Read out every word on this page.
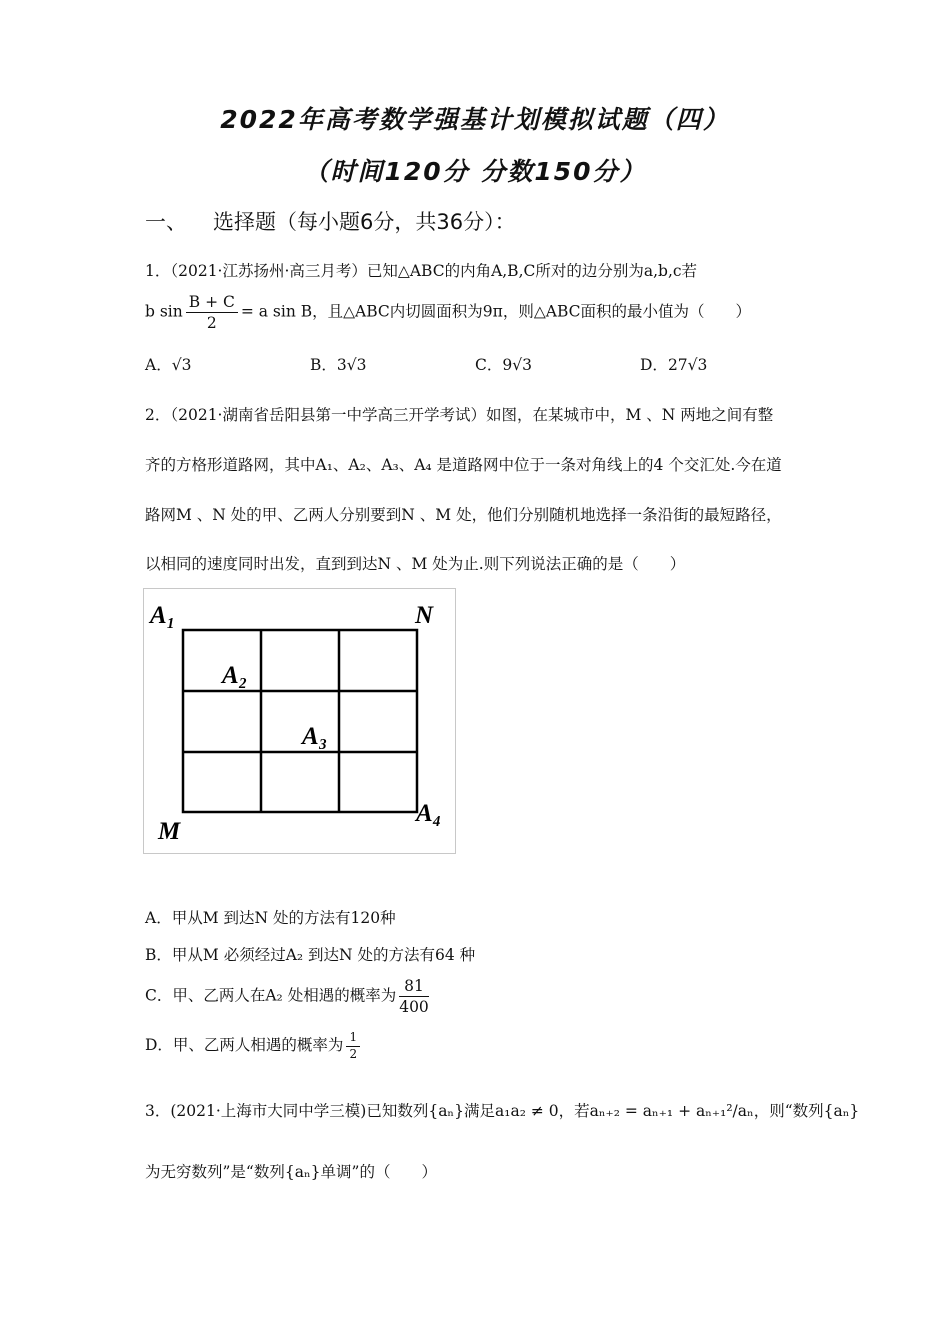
2022年高考数学强基计划模拟试题（四）
（时间120分 分数150分）
一、 选择题（每小题6分，共36分）：
1．（2021·江苏扬州·高三月考）已知△ABC的内角A,B,C所对的边分别为a,b,c若
b $\sin \frac{B + C}{2} = a$ sin B，且△ABC内切圆面积为9π，则△ABC面积的最小值为（　　）
A．√3	B．3√3	C．9√3	D．27√3
2．（2021·湖南省岳阳县第一中学高三开学考试）如图，在某城市中，M 、N 两地之间有整
齐的方格形道路网，其中A₁、A₂、A₃、A₄ 是道路网中位于一条对角线上的4 个交汇处.今在道
路网M 、N 处的甲、乙两人分别要到N 、M 处，他们分别随机地选择一条沿街的最短路径，
以相同的速度同时出发，直到到达N 、M 处为止.则下列说法正确的是（　　）
A₁
A₂
A₃
N
A₄
M
A．甲从M 到达N 处的方法有120种
B．甲从M 必须经过A₂ 到达N 处的方法有64 种
C．甲、乙两人在A₂ 处相遇的概率为 $\frac{81}{400}$
D．甲、乙两人相遇的概率为 $\frac{1}{2}$
3．(2021·上海市大同中学三模)已知数列{aₙ}满足a₁a₂ ≠ 0，若aₙ₊₂ = aₙ₊₁ + aₙ₊₁²/aₙ，则“数列{aₙ}
为无穷数列”是“数列{aₙ}单调”的（　　）
